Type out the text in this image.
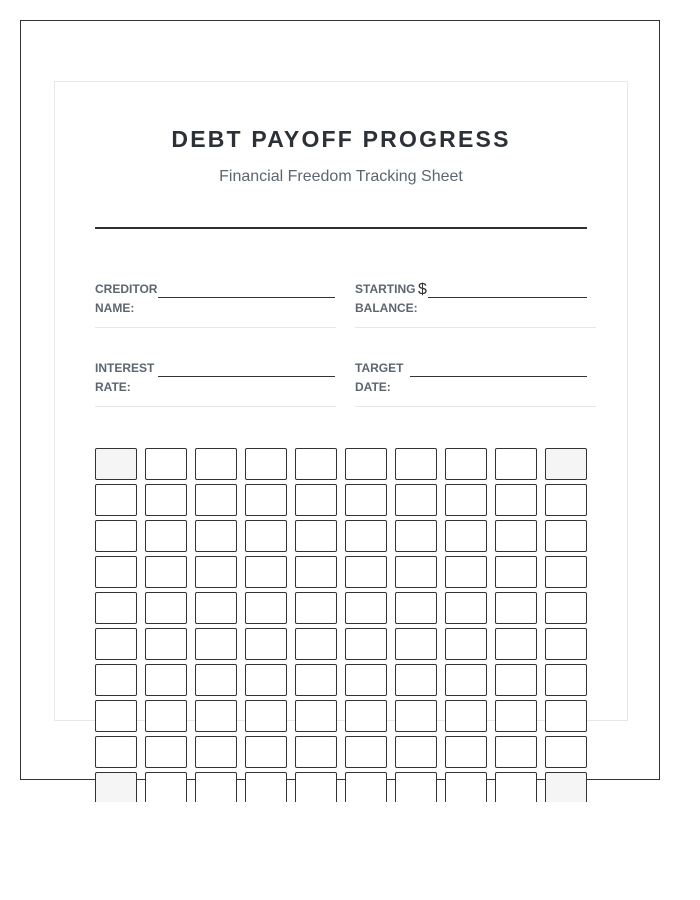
DEBT PAYOFF PROGRESS
Financial Freedom Tracking Sheet
CREDITOR
NAME:
STARTING
BALANCE:
$
INTEREST
RATE:
TARGET
DATE:
